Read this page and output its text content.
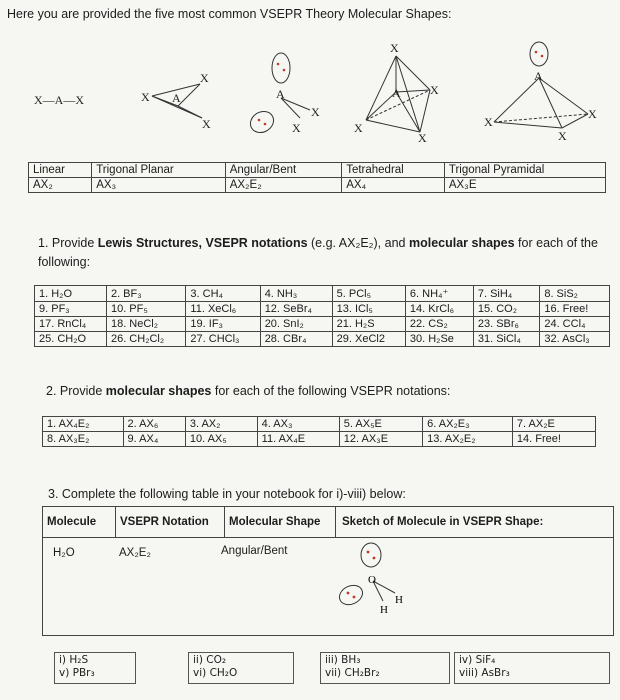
Here you are provided the five most common VSEPR Theory Molecular Shapes:
X—A—X	X A
X
X
A
X
X
X
A X
X
X
A
X
X
X
Linear	Trigonal Planar	Angular/Bent	Tetrahedral	Trigonal Pyramidal
AX₂	AX₃	AX₂E₂	AX₄	AX₃E
1. Provide Lewis Structures, VSEPR notations (e.g. AX₂E₂), and molecular shapes for each of the following:
1. H₂O	2. BF₃	3. CH₄	4. NH₃	5. PCl₅	6. NH₄⁺	7. SiH₄	8. SiS₂
9. PF₃	10. PF₅	11. XeCl₆	12. SeBr₄	13. ICl₅	14. KrCl₆	15. CO₂	16. Free!
17. RnCl₄	18. NeCl₂	19. IF₃	20. SnI₂	21. H₂S	22. CS₂	23. SBr₆	24. CCl₄
25. CH₂O	26. CH₂Cl₂	27. CHCl₃	28. CBr₄	29. XeCl2	30. H₂Se	31. SiCl₄	32. AsCl₃
2. Provide molecular shapes for each of the following VSEPR notations:
1. AX₄E₂	2. AX₆	3. AX₂	4. AX₃	5. AX₅E	6. AX₂E₃	7. AX₂E
8. AX₃E₂	9. AX₄	10. AX₅	11. AX₄E	12. AX₃E	13. AX₂E₂	14. Free!
3. Complete the following table in your notebook for i)-viii) below:
Molecule	VSEPR Notation	Molecular Shape	Sketch of Molecule in VSEPR Shape:
H₂O	AX₂E₂	Angular/Bent
O
H
H
i) H₂S
v) PBr₃
ii) CO₂
vi) CH₂O
iii) BH₃
vii) CH₂Br₂
iv) SiF₄
viii) AsBr₃
